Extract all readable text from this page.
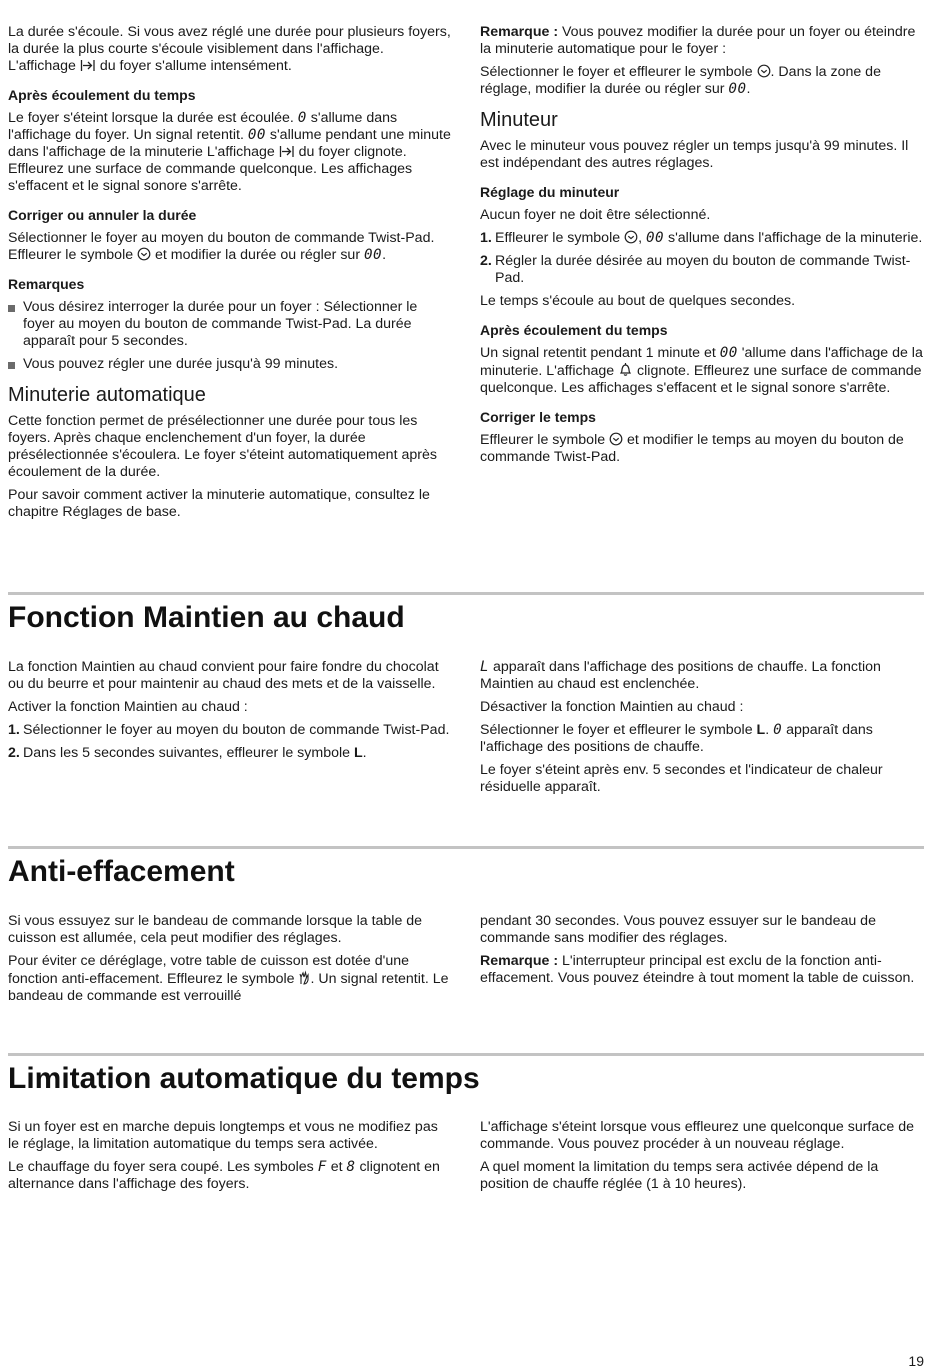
La durée s'écoule. Si vous avez réglé une durée pour plusieurs foyers, la durée la plus courte s'écoule visiblement dans l'affichage. L'affichage  du foyer s'allume intensément.

Après écoulement du temps

Le foyer s'éteint lorsque la durée est écoulée. 0 s'allume dans l'affichage du foyer. Un signal retentit. 00 s'allume pendant une minute dans l'affichage de la minuterie L'affichage  du foyer clignote. Effleurez une surface de commande quelconque. Les affichages s'effacent et le signal sonore s'arrête.

Corriger ou annuler la durée

Sélectionner le foyer au moyen du bouton de commande Twist-Pad. Effleurer le symbole  et modifier la durée ou régler sur 00.

Remarques
Vous désirez interroger la durée pour un foyer : Sélectionner le foyer au moyen du bouton de commande Twist-Pad. La durée apparaît pour 5 secondes.
Vous pouvez régler une durée jusqu'à 99 minutes.
Minuterie automatique

Cette fonction permet de présélectionner une durée pour tous les foyers. Après chaque enclenchement d'un foyer, la durée présélectionnée s'écoulera. Le foyer s'éteint automatiquement après écoulement de la durée.

Pour savoir comment activer la minuterie automatique, consultez le chapitre Réglages de base.

Remarque : Vous pouvez modifier la durée pour un foyer ou éteindre la minuterie automatique pour le foyer :

Sélectionner le foyer et effleurer le symbole . Dans la zone de réglage, modifier la durée ou régler sur 00.

Minuteur

Avec le minuteur vous pouvez régler un temps jusqu'à 99 minutes. Il est indépendant des autres réglages.

Réglage du minuteur

Aucun foyer ne doit être sélectionné.

1. Effleurer le symbole , 00 s'allume dans l'affichage de la minuterie.
2. Régler la durée désirée au moyen du bouton de commande Twist-Pad.

Le temps s'écoule au bout de quelques secondes.

Après écoulement du temps

Un signal retentit pendant 1 minute et 00 'allume dans l'affichage de la minuterie. L'affichage  clignote. Effleurez une surface de commande quelconque. Les affichages s'effacent et le signal sonore s'arrête.

Corriger le temps

Effleurer le symbole  et modifier le temps au moyen du bouton de commande Twist-Pad.

Fonction Maintien au chaud

La fonction Maintien au chaud convient pour faire fondre du chocolat ou du beurre et pour maintenir au chaud des mets et de la vaisselle.

Activer la fonction Maintien au chaud :

1. Sélectionner le foyer au moyen du bouton de commande Twist-Pad.
2. Dans les 5 secondes suivantes, effleurer le symbole L.

L apparaît dans l'affichage des positions de chauffe. La fonction Maintien au chaud est enclenchée.

Désactiver la fonction Maintien au chaud :

Sélectionner le foyer et effleurer le symbole L. 0 apparaît dans l'affichage des positions de chauffe.

Le foyer s'éteint après env. 5 secondes et l'indicateur de chaleur résiduelle apparaît.

Anti-effacement

Si vous essuyez sur le bandeau de commande lorsque la table de cuisson est allumée, cela peut modifier des réglages.

Pour éviter ce déréglage, votre table de cuisson est dotée d'une fonction anti-effacement. Effleurez le symbole . Un signal retentit. Le bandeau de commande est verrouillé

pendant 30 secondes. Vous pouvez essuyer sur le bandeau de commande sans modifier des réglages.

Remarque : L'interrupteur principal est exclu de la fonction anti-effacement. Vous pouvez éteindre à tout moment la table de cuisson.

Limitation automatique du temps

Si un foyer est en marche depuis longtemps et vous ne modifiez pas le réglage, la limitation automatique du temps sera activée.

Le chauffage du foyer sera coupé. Les symboles F et 8 clignotent en alternance dans l'affichage des foyers.

L'affichage s'éteint lorsque vous effleurez une quelconque surface de commande. Vous pouvez procéder à un nouveau réglage.

A quel moment la limitation du temps sera activée dépend de la position de chauffe réglée (1 à 10 heures).

19
